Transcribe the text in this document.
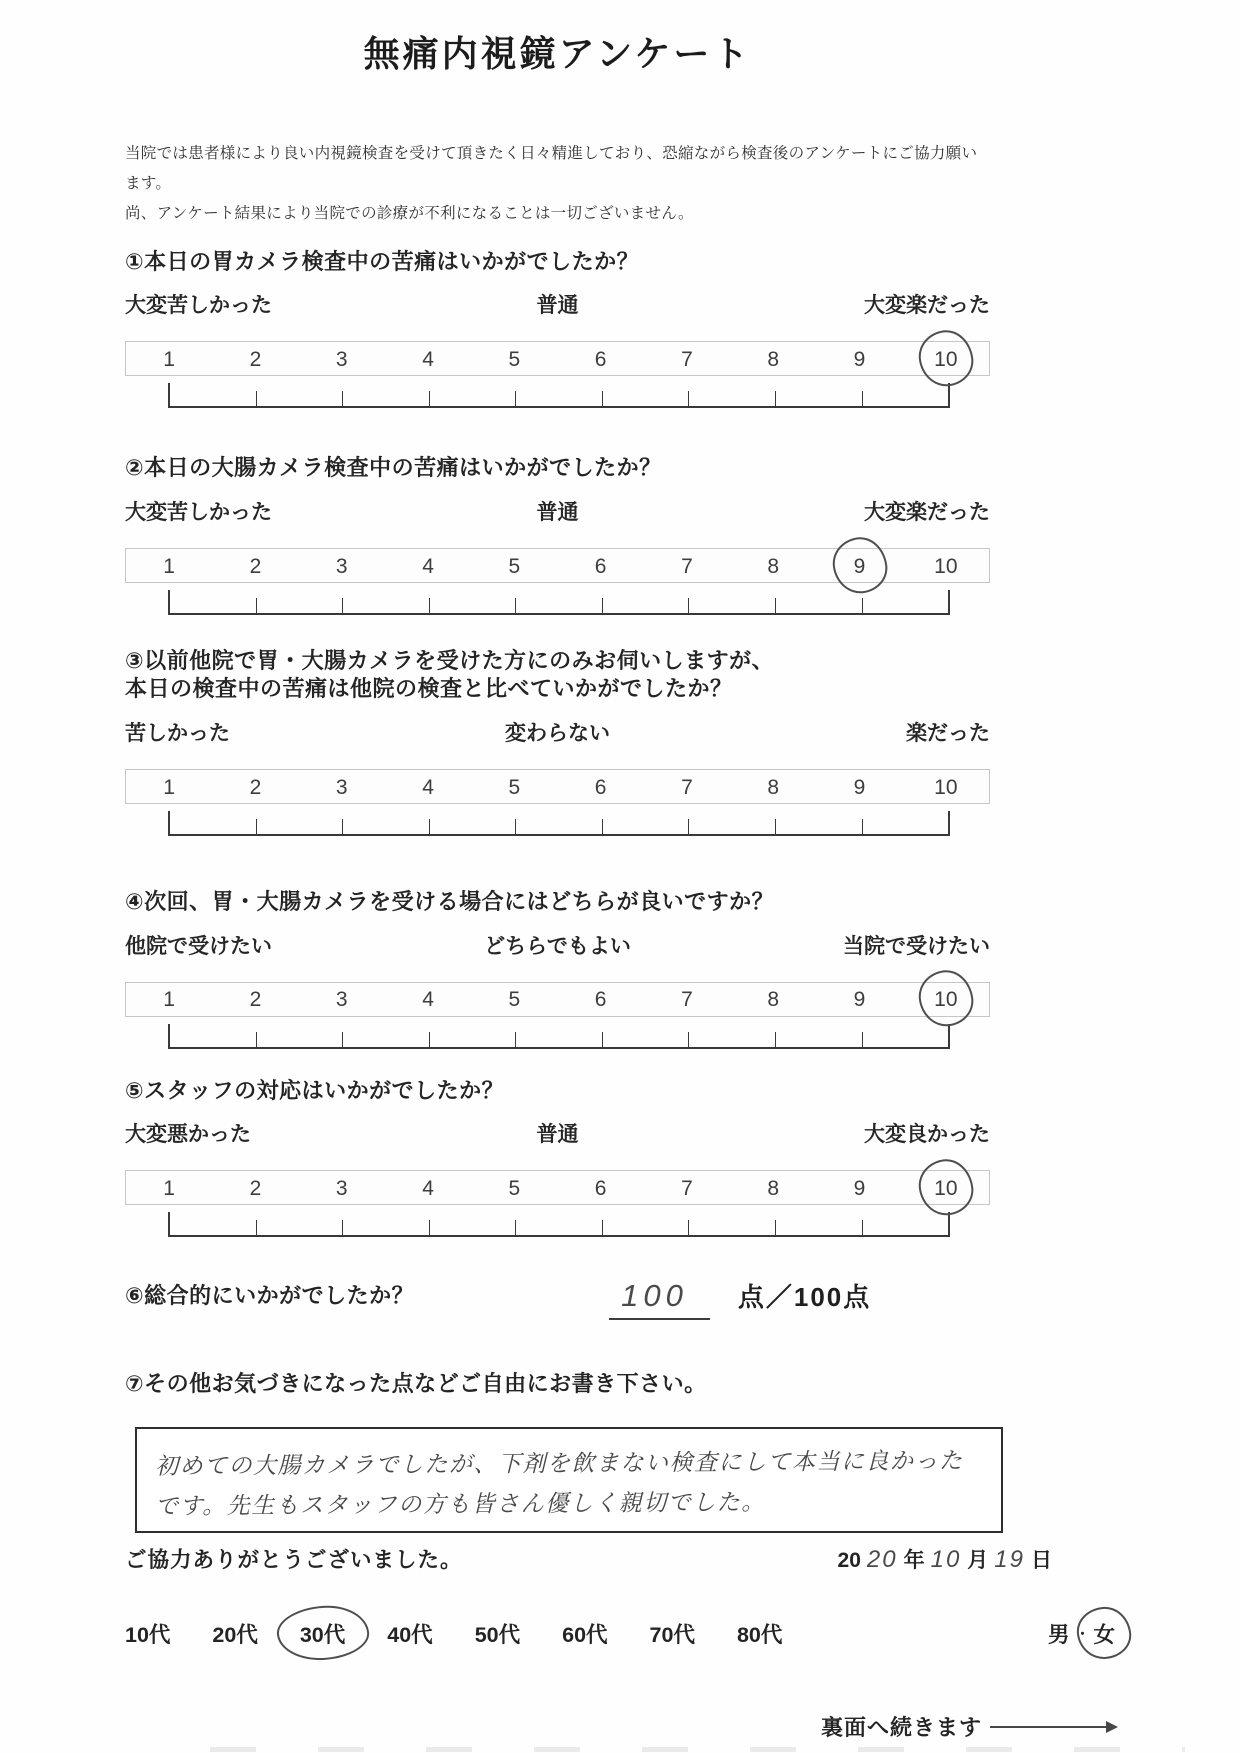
無痛内視鏡アンケート
当院では患者様により良い内視鏡検査を受けて頂きたく日々精進しており、恐縮ながら検査後のアンケートにご協力願います。
尚、アンケート結果により当院での診療が不利になることは一切ございません。
①本日の胃カメラ検査中の苦痛はいかがでしたか？
大変苦しかった	普通	大変楽だった
1	2	3	4	5	6	7	8	9	10
②本日の大腸カメラ検査中の苦痛はいかがでしたか？
大変苦しかった	普通	大変楽だった
1	2	3	4	5	6	7	8	9	10
③以前他院で胃・大腸カメラを受けた方にのみお伺いしますが、
本日の検査中の苦痛は他院の検査と比べていかがでしたか？
苦しかった	変わらない	楽だった
1	2	3	4	5	6	7	8	9	10
④次回、胃・大腸カメラを受ける場合にはどちらが良いですか？
他院で受けたい	どちらでもよい	当院で受けたい
1	2	3	4	5	6	7	8	9	10
⑤スタッフの対応はいかがでしたか？
大変悪かった	普通	大変良かった
1	2	3	4	5	6	7	8	9	10
⑥総合的にいかがでしたか？	100	点／100点
⑦その他お気づきになった点などご自由にお書き下さい。
初めての大腸カメラでしたが、下剤を飲まない検査にして本当に良かった
です。先生もスタッフの方も皆さん優しく親切でした。
ご協力ありがとうございました。	20 20 年 10 月 19 日
10代 20代 30代 40代 50代 60代 70代 80代	男 ・ 女
裏面へ続きます
